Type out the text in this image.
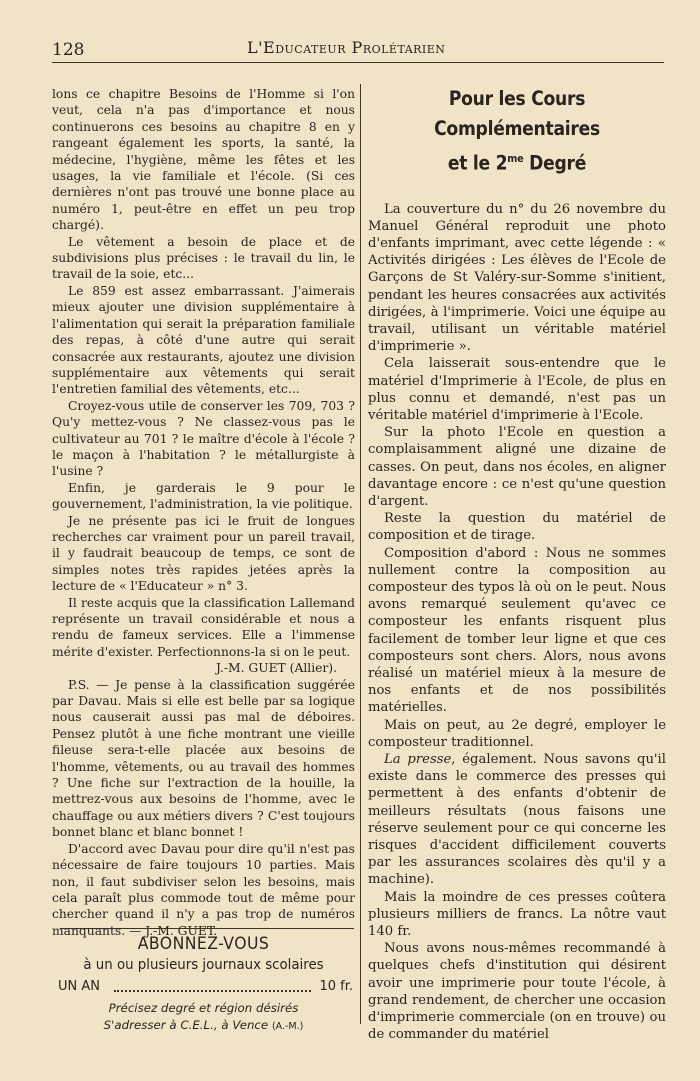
128	L'Educateur Prolétarien

lons ce chapitre Besoins de l'Homme si l'on veut, cela n'a pas d'importance et nous continuerons ces besoins au chapitre 8 en y rangeant également les sports, la santé, la médecine, l'hygiène, même les fêtes et les usages, la vie familiale et l'école. (Si ces dernières n'ont pas trouvé une bonne place au numéro 1, peut-être en effet un peu trop chargé).

Le vêtement a besoin de place et de subdivisions plus précises : le travail du lin, le travail de la soie, etc...

Le 859 est assez embarrassant. J'aimerais mieux ajouter une division supplémentaire à l'alimentation qui serait la préparation familiale des repas, à côté d'une autre qui serait consacrée aux restaurants, ajoutez une division supplémentaire aux vêtements qui serait l'entretien familial des vêtements, etc...

Croyez-vous utile de conserver les 709, 703 ? Qu'y mettez-vous ? Ne classez-vous pas le cultivateur au 701 ? le maître d'école à l'école ? le maçon à l'habitation ? le métallurgiste à l'usine ?

Enfin, je garderais le 9 pour le gouvernement, l'administration, la vie politique.

Je ne présente pas ici le fruit de longues recherches car vraiment pour un pareil travail, il y faudrait beaucoup de temps, ce sont de simples notes très rapides jetées après la lecture de « l'Educateur » n° 3.

Il reste acquis que la classification Lallemand représente un travail considérable et nous a rendu de fameux services. Elle a l'immense mérite d'exister. Perfectionnons-la si on le peut.

J.-M. GUET (Allier).

P.S. — Je pense à la classification suggérée par Davau. Mais si elle est belle par sa logique nous causerait aussi pas mal de déboires. Pensez plutôt à une fiche montrant une vieille fileuse sera-t-elle placée aux besoins de l'homme, vêtements, ou au travail des hommes ? Une fiche sur l'extraction de la houille, la mettrez-vous aux besoins de l'homme, avec le chauffage ou aux métiers divers ? C'est toujours bonnet blanc et blanc bonnet !

D'accord avec Davau pour dire qu'il n'est pas nécessaire de faire toujours 10 parties. Mais non, il faut subdiviser selon les besoins, mais cela paraît plus commode tout de même pour chercher quand il n'y a pas trop de numéros manquants. — J.-M. GUET.

ABONNEZ-VOUS
à un ou plusieurs journaux scolaires
UN AN	10 fr.
Précisez degré et région désirés
S'adresser à C.E.L., à Vence (A.-M.)
Pour les Cours Complémentaires
et le $2^{me}$ Degré

La couverture du n° du 26 novembre du Manuel Général reproduit une photo d'enfants imprimant, avec cette légende : « Activités dirigées : Les élèves de l'Ecole de Garçons de St Valéry-sur-Somme s'initient, pendant les heures consacrées aux activités dirigées, à l'imprimerie. Voici une équipe au travail, utilisant un véritable matériel d'imprimerie ».

Cela laisserait sous-entendre que le matériel d'Imprimerie à l'Ecole, de plus en plus connu et demandé, n'est pas un véritable matériel d'imprimerie à l'Ecole.

Sur la photo l'Ecole en question a complaisamment aligné une dizaine de casses. On peut, dans nos écoles, en aligner davantage encore : ce n'est qu'une question d'argent.

Reste la question du matériel de composition et de tirage.

Composition d'abord : Nous ne sommes nullement contre la composition au composteur des typos là où on le peut. Nous avons remarqué seulement qu'avec ce composteur les enfants risquent plus facilement de tomber leur ligne et que ces composteurs sont chers. Alors, nous avons réalisé un matériel mieux à la mesure de nos enfants et de nos possibilités matérielles.

Mais on peut, au 2e degré, employer le composteur traditionnel.

La presse, également. Nous savons qu'il existe dans le commerce des presses qui permettent à des enfants d'obtenir de meilleurs résultats (nous faisons une réserve seulement pour ce qui concerne les risques d'accident difficilement couverts par les assurances scolaires dès qu'il y a machine).

Mais la moindre de ces presses coûtera plusieurs milliers de francs. La nôtre vaut 140 fr.

Nous avons nous-mêmes recommandé à quelques chefs d'institution qui désirent avoir une imprimerie pour toute l'école, à grand rendement, de chercher une occasion d'imprimerie commerciale (on en trouve) ou de commander du matériel
